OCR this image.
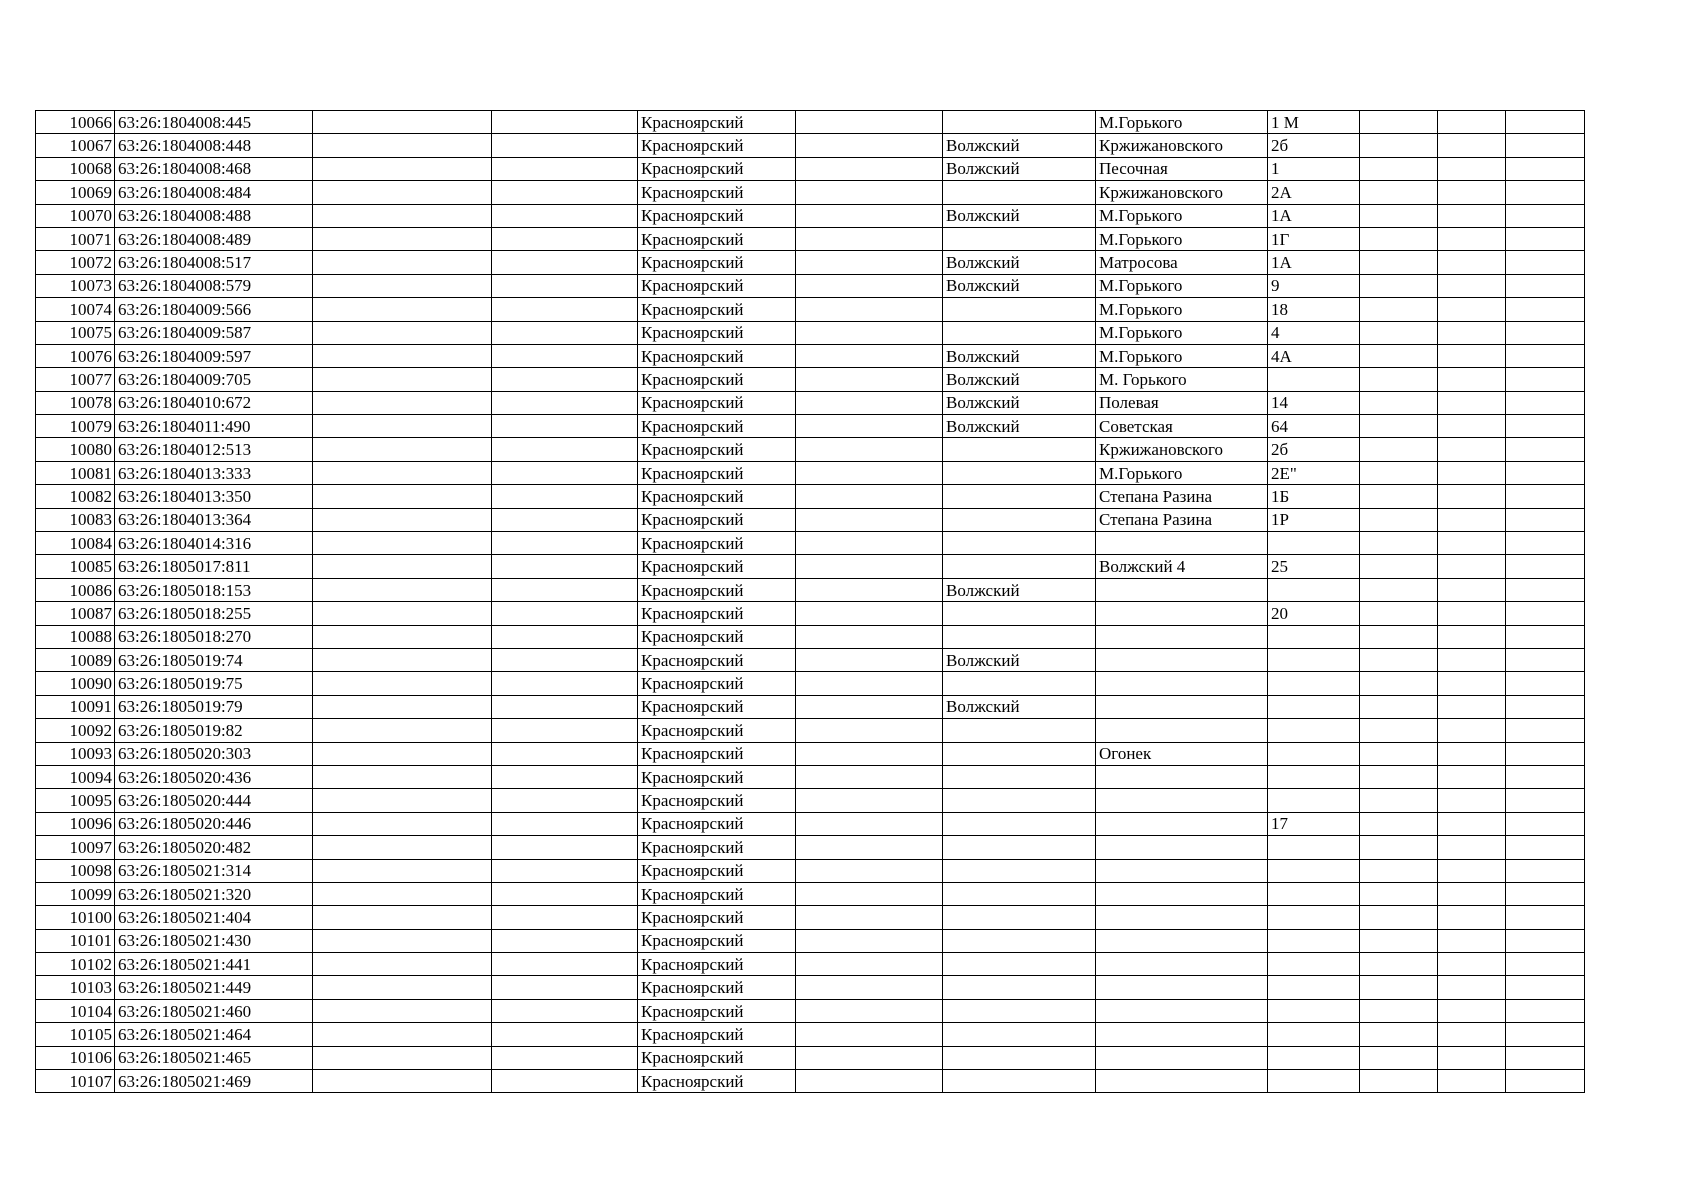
10066	63:26:1804008:445			Красноярский			М.Горького	1 М			
10067	63:26:1804008:448			Красноярский		Волжский	Кржижановского	2б			
10068	63:26:1804008:468			Красноярский		Волжский	Песочная	1			
10069	63:26:1804008:484			Красноярский			Кржижановского	2А			
10070	63:26:1804008:488			Красноярский		Волжский	М.Горького	1А			
10071	63:26:1804008:489			Красноярский			М.Горького	1Г			
10072	63:26:1804008:517			Красноярский		Волжский	Матросова	1А			
10073	63:26:1804008:579			Красноярский		Волжский	М.Горького	9			
10074	63:26:1804009:566			Красноярский			М.Горького	18			
10075	63:26:1804009:587			Красноярский			М.Горького	4			
10076	63:26:1804009:597			Красноярский		Волжский	М.Горького	4А			
10077	63:26:1804009:705			Красноярский		Волжский	М. Горького				
10078	63:26:1804010:672			Красноярский		Волжский	Полевая	14			
10079	63:26:1804011:490			Красноярский		Волжский	Советская	64			
10080	63:26:1804012:513			Красноярский			Кржижановского	2б			
10081	63:26:1804013:333			Красноярский			М.Горького	2Е"			
10082	63:26:1804013:350			Красноярский			Степана Разина	1Б			
10083	63:26:1804013:364			Красноярский			Степана Разина	1Р			
10084	63:26:1804014:316			Красноярский							
10085	63:26:1805017:811			Красноярский			Волжский 4	25			
10086	63:26:1805018:153			Красноярский		Волжский					
10087	63:26:1805018:255			Красноярский				20			
10088	63:26:1805018:270			Красноярский							
10089	63:26:1805019:74			Красноярский		Волжский					
10090	63:26:1805019:75			Красноярский							
10091	63:26:1805019:79			Красноярский		Волжский					
10092	63:26:1805019:82			Красноярский							
10093	63:26:1805020:303			Красноярский			Огонек				
10094	63:26:1805020:436			Красноярский							
10095	63:26:1805020:444			Красноярский							
10096	63:26:1805020:446			Красноярский				17			
10097	63:26:1805020:482			Красноярский							
10098	63:26:1805021:314			Красноярский							
10099	63:26:1805021:320			Красноярский							
10100	63:26:1805021:404			Красноярский							
10101	63:26:1805021:430			Красноярский							
10102	63:26:1805021:441			Красноярский							
10103	63:26:1805021:449			Красноярский							
10104	63:26:1805021:460			Красноярский							
10105	63:26:1805021:464			Красноярский							
10106	63:26:1805021:465			Красноярский							
10107	63:26:1805021:469			Красноярский							
